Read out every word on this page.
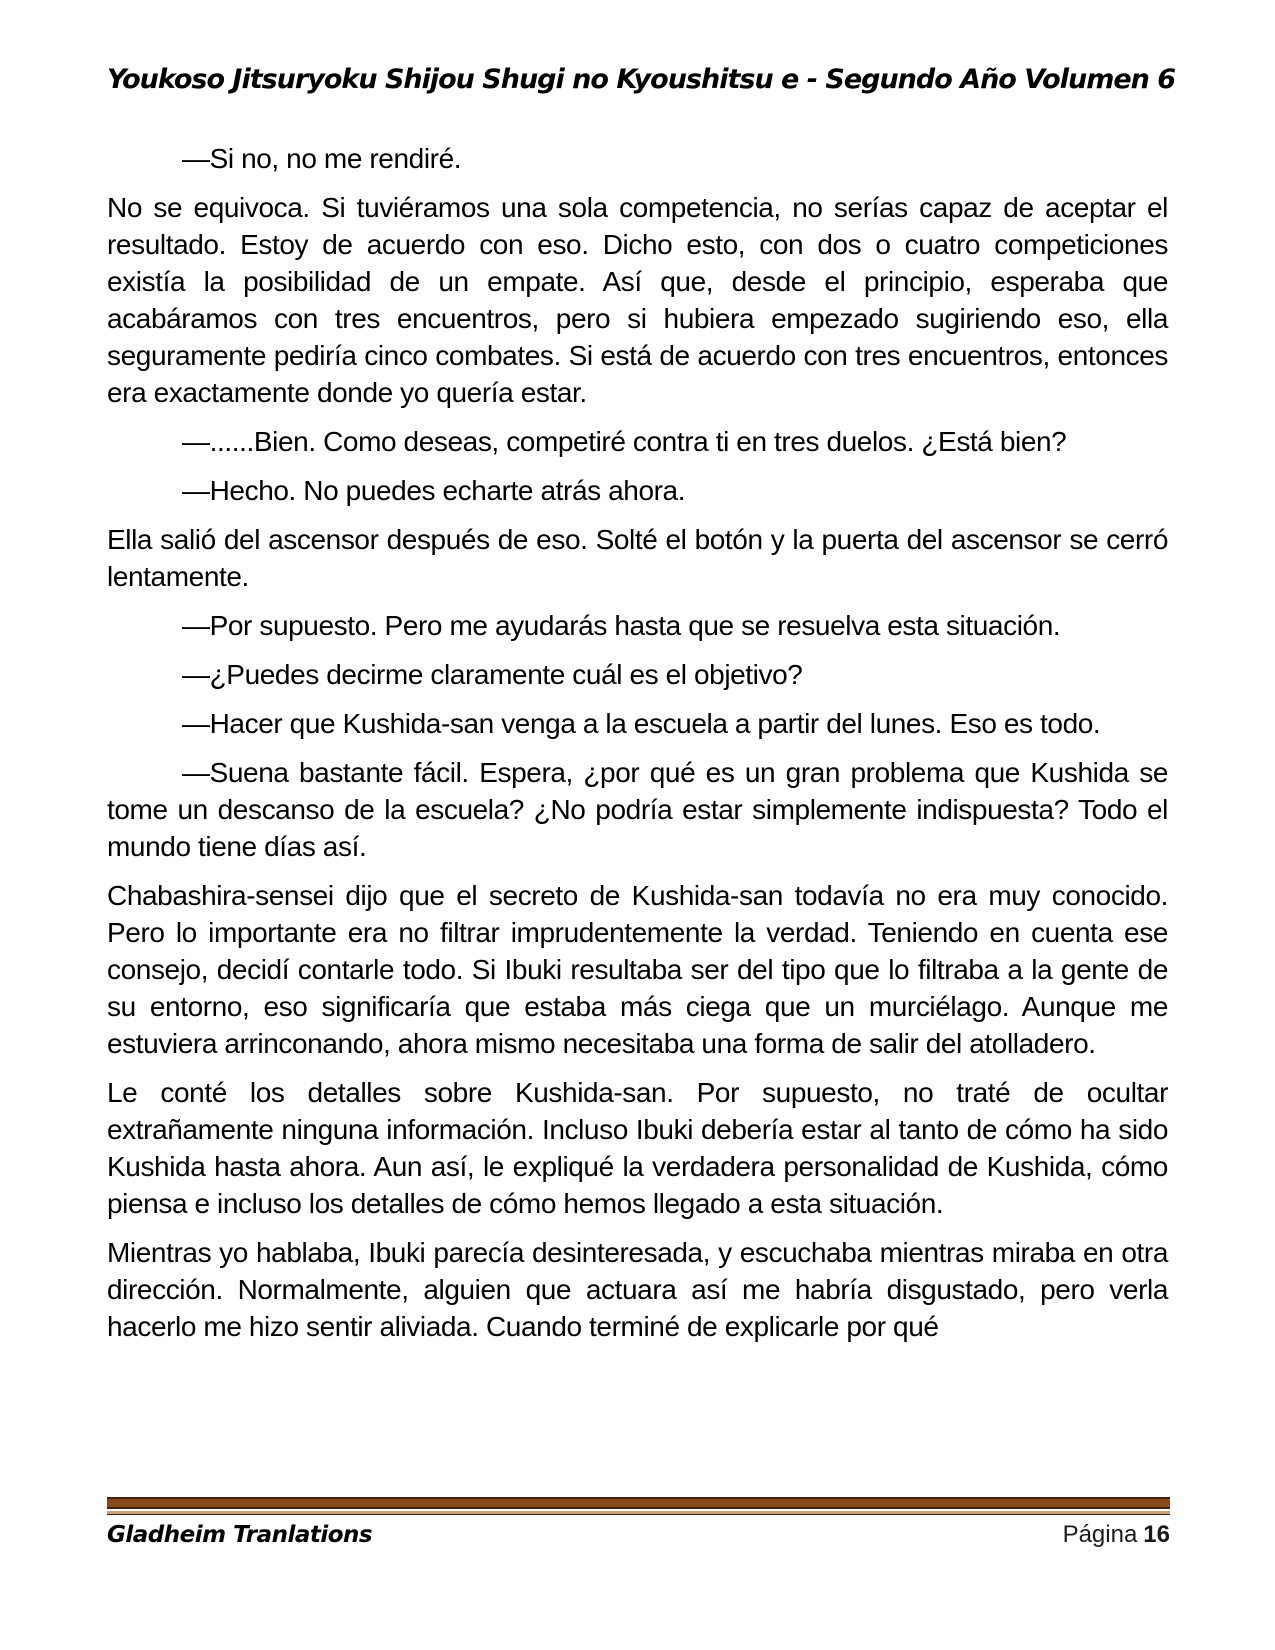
Youkoso Jitsuryoku Shijou Shugi no Kyoushitsu e - Segundo Año Volumen 6

—Si no, no me rendiré.

No se equivoca. Si tuviéramos una sola competencia, no serías capaz de aceptar el resultado. Estoy de acuerdo con eso. Dicho esto, con dos o cuatro competiciones existía la posibilidad de un empate. Así que, desde el principio, esperaba que acabáramos con tres encuentros, pero si hubiera empezado sugiriendo eso, ella seguramente pediría cinco combates. Si está de acuerdo con tres encuentros, entonces era exactamente donde yo quería estar.

—......Bien. Como deseas, competiré contra ti en tres duelos. ¿Está bien?

—Hecho. No puedes echarte atrás ahora.

Ella salió del ascensor después de eso. Solté el botón y la puerta del ascensor se cerró lentamente.

—Por supuesto. Pero me ayudarás hasta que se resuelva esta situación.

—¿Puedes decirme claramente cuál es el objetivo?

—Hacer que Kushida-san venga a la escuela a partir del lunes. Eso es todo.

—Suena bastante fácil. Espera, ¿por qué es un gran problema que Kushida se tome un descanso de la escuela? ¿No podría estar simplemente indispuesta? Todo el mundo tiene días así.

Chabashira-sensei dijo que el secreto de Kushida-san todavía no era muy conocido. Pero lo importante era no filtrar imprudentemente la verdad. Teniendo en cuenta ese consejo, decidí contarle todo. Si Ibuki resultaba ser del tipo que lo filtraba a la gente de su entorno, eso significaría que estaba más ciega que un murciélago. Aunque me estuviera arrinconando, ahora mismo necesitaba una forma de salir del atolladero.

Le conté los detalles sobre Kushida-san. Por supuesto, no traté de ocultar extrañamente ninguna información. Incluso Ibuki debería estar al tanto de cómo ha sido Kushida hasta ahora. Aun así, le expliqué la verdadera personalidad de Kushida, cómo piensa e incluso los detalles de cómo hemos llegado a esta situación.

Mientras yo hablaba, Ibuki parecía desinteresada, y escuchaba mientras miraba en otra dirección. Normalmente, alguien que actuara así me habría disgustado, pero verla hacerlo me hizo sentir aliviada. Cuando terminé de explicarle por qué

Gladheim Tranlations	Página 16
